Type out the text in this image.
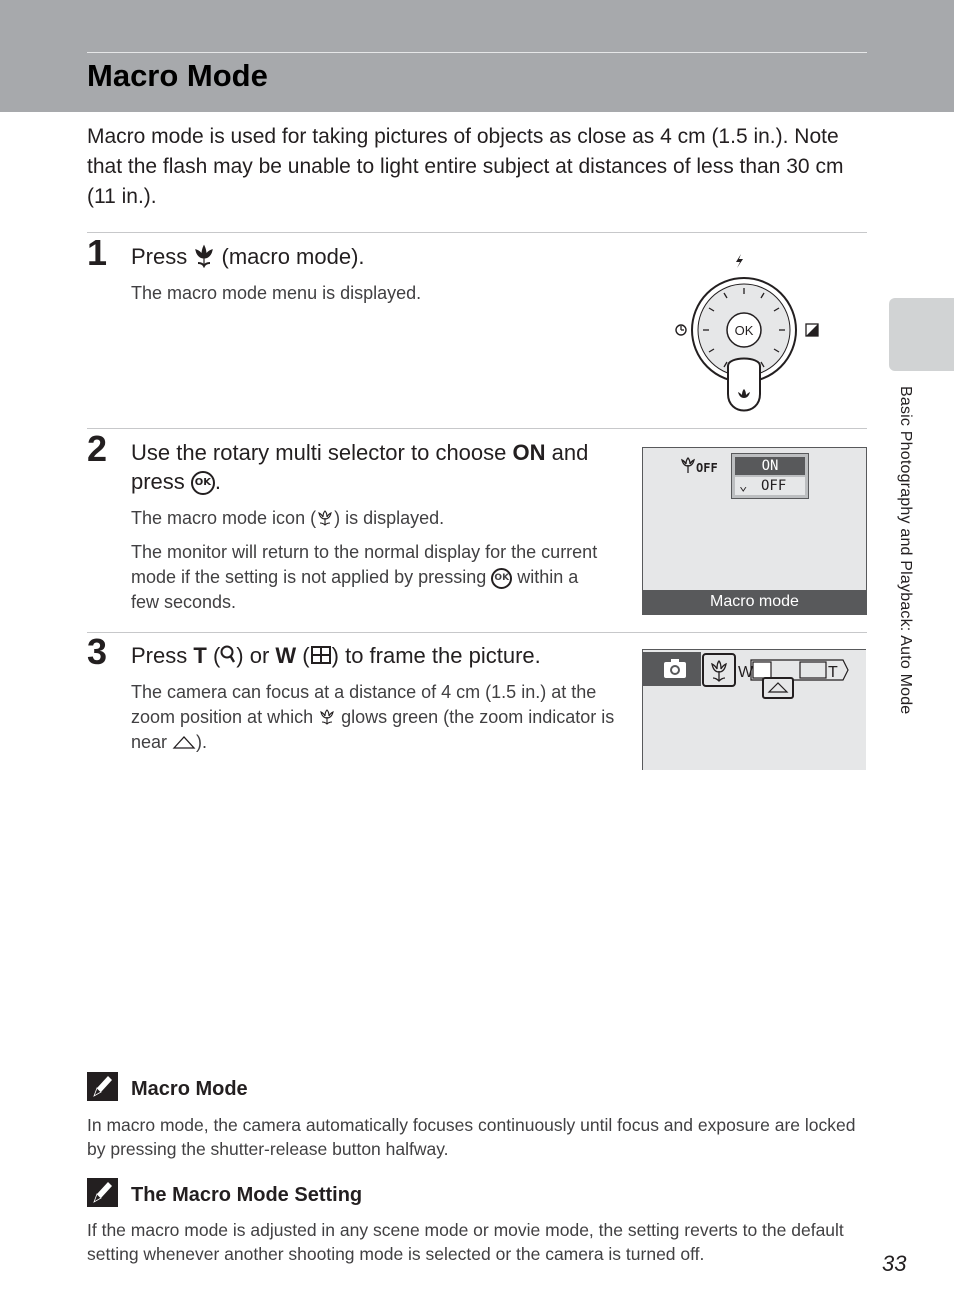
Macro Mode
Macro mode is used for taking pictures of objects as close as 4 cm (1.5 in.). Note that the flash may be unable to light entire subject at distances of less than 30 cm (11 in.).
Basic Photography and Playback: Auto Mode
1 Press (macro mode).

The macro mode menu is displayed.

OK
2 Use the rotary multi selector to choose ON and press OK .

The macro mode icon ( ) is displayed.

The monitor will return to the normal display for the current mode if the setting is not applied by pressing OK within a few seconds.

OFF	ON
⌄ OFF
Macro mode
3 Press T ( ) or W ( ) to frame the picture.

The camera can focus at a distance of 4 cm (1.5 in.) at the zoom position at which glows green (the zoom indicator is near ).

W	T
Macro Mode
In macro mode, the camera automatically focuses continuously until focus and exposure are locked by pressing the shutter-release button halfway.
The Macro Mode Setting
If the macro mode is adjusted in any scene mode or movie mode, the setting reverts to the default setting whenever another shooting mode is selected or the camera is turned off.	33
